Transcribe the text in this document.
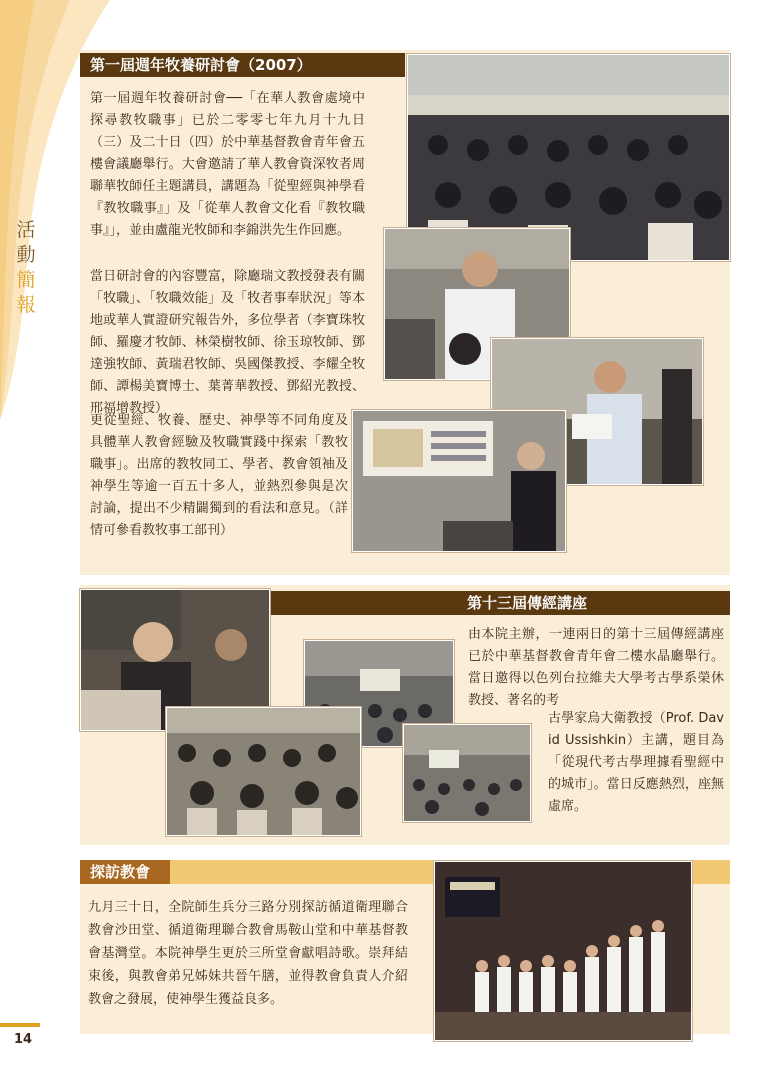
活
動
簡
報
第一屆週年牧養研討會（2007）
第一屆週年牧養研討會──「在華人教會處境中探尋教牧職事」已於二零零七年九月十九日（三）及二十日（四）於中華基督教會青年會五樓會議廳舉行。大會邀請了華人教會資深牧者周聯華牧師任主題講員，講題為「從聖經與神學看『教牧職事』」及「從華人教會文化看『教牧職事』」，並由盧龍光牧師和李錦洪先生作回應。
當日研討會的內容豐富，除廳瑞文教授發表有關「牧職」、「牧職效能」及「牧者事奉狀況」等本地或華人實證研究報告外，多位學者（李寶珠牧師、羅慶才牧師、林榮樹牧師、徐玉琼牧師、鄧達強牧師、黃瑞君牧師、吳國傑教授、李耀全牧師、譚楊美寶博士、葉菁華教授、鄧紹光教授、邢福增教授）
更從聖經、牧養、歷史、神學等不同角度及具體華人教會經驗及牧職實踐中探索「教牧職事」。出席的教牧同工、學者、教會領袖及神學生等逾一百五十多人，並熱烈參與是次討論，提出不少精闢獨到的看法和意見。（詳情可參看教牧事工部刊）
第十三屆傳經講座
由本院主辦，一連兩日的第十三屆傳經講座已於中華基督教會青年會二樓水晶廳舉行。當日邀得以色列台拉維夫大學考古學系榮休教授、著名的考
古學家烏大衛教授（Prof. David Ussishkin）主講，題目為「從現代考古學理據看聖經中的城市」。當日反應熱烈，座無虛席。
探訪教會
九月三十日，全院師生兵分三路分別探訪循道衛理聯合教會沙田堂、循道衛理聯合教會馬鞍山堂和中華基督教會基灣堂。本院神學生更於三所堂會獻唱詩歌。崇拜結束後，與教會弟兄姊妹共晉午膳，並得教會負責人介紹教會之發展，使神學生獲益良多。
14
